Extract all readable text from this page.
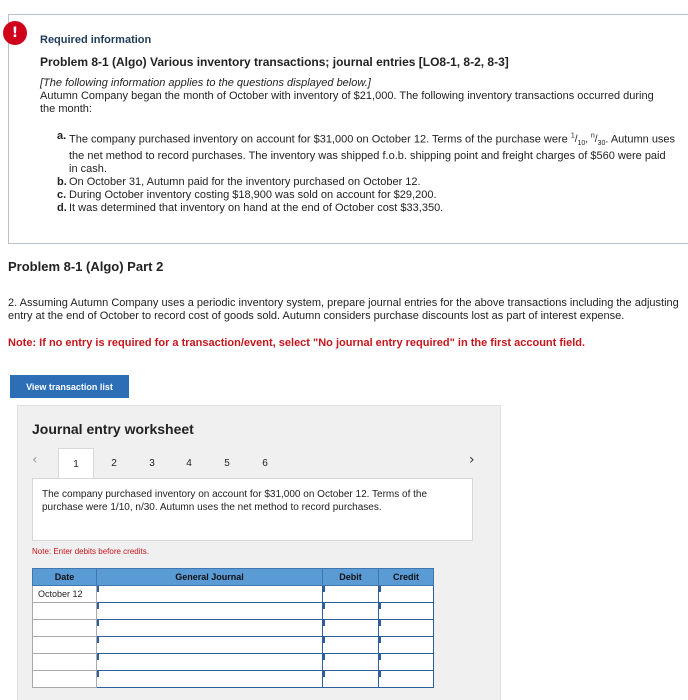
!	Required information
Problem 8-1 (Algo) Various inventory transactions; journal entries [LO8-1, 8-2, 8-3]
[The following information applies to the questions displayed below.]
Autumn Company began the month of October with inventory of $21,000. The following inventory transactions occurred during the month:
a. The company purchased inventory on account for $31,000 on October 12. Terms of the purchase were $^1/_{10}$, $^n/_{30}$. Autumn uses the net method to record purchases. The inventory was shipped f.o.b. shipping point and freight charges of $560 were paid in cash.
b. On October 31, Autumn paid for the inventory purchased on October 12.
c. During October inventory costing $18,900 was sold on account for $29,200.
d. It was determined that inventory on hand at the end of October cost $33,350.
Problem 8-1 (Algo) Part 2
2. Assuming Autumn Company uses a periodic inventory system, prepare journal entries for the above transactions including the adjusting entry at the end of October to record cost of goods sold. Autumn considers purchase discounts lost as part of interest expense.
Note: If no entry is required for a transaction/event, select "No journal entry required" in the first account field.
View transaction list
Journal entry worksheet
‹	1	2	3	4	5	6	›
The company purchased inventory on account for $31,000 on October 12. Terms of the purchase were 1/10, n/30. Autumn uses the net method to record purchases.
Note: Enter debits before credits.
Date	General Journal	Debit	Credit
October 12			
